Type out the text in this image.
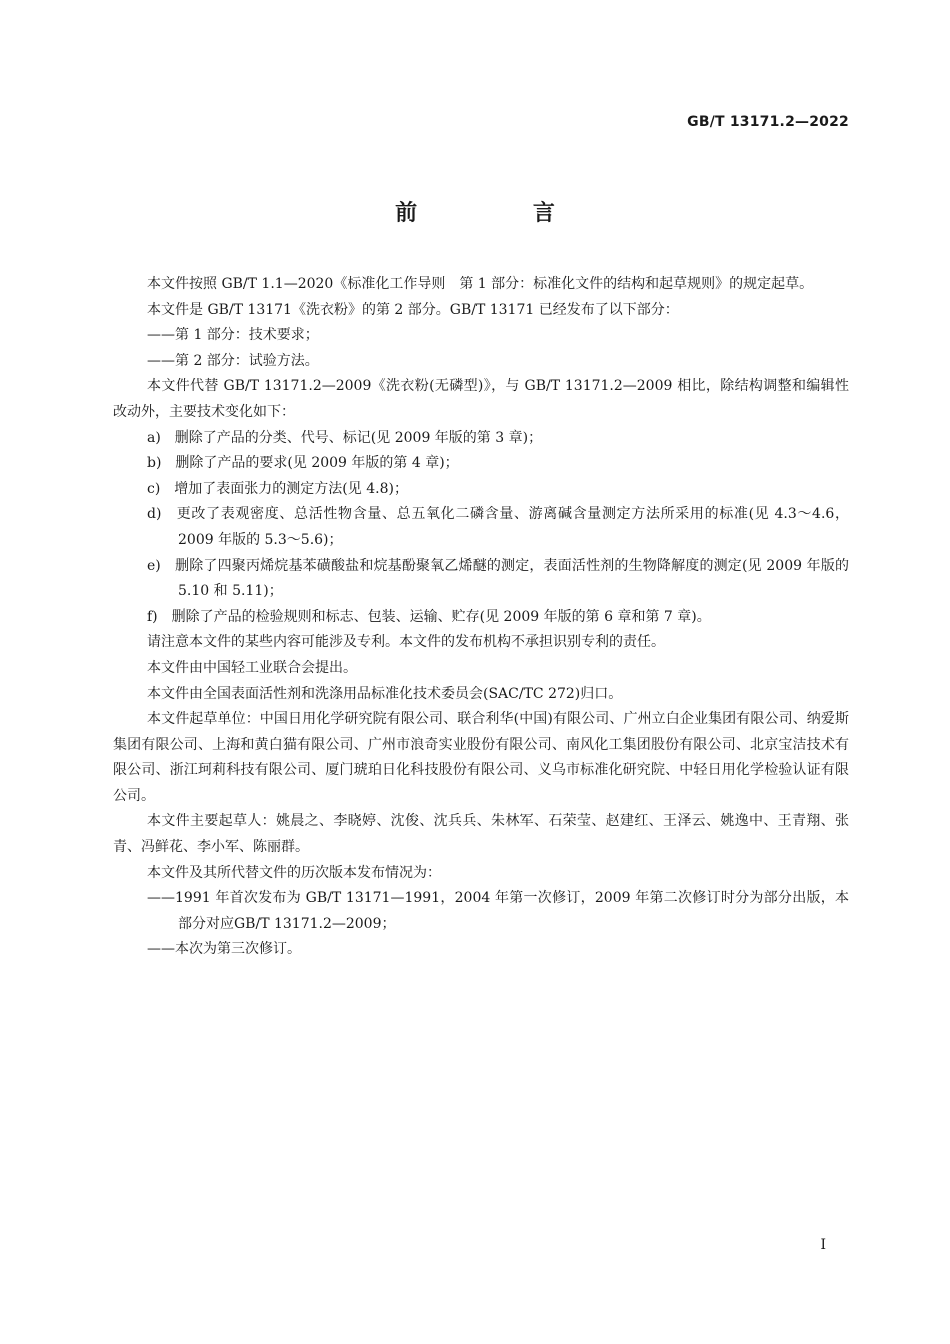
GB/T 13171.2—2022
前 言

本文件按照 GB/T 1.1—2020《标准化工作导则　第 1 部分：标准化文件的结构和起草规则》的规定起草。

本文件是 GB/T 13171《洗衣粉》的第 2 部分。GB/T 13171 已经发布了以下部分：

——第 1 部分：技术要求；

——第 2 部分：试验方法。

本文件代替 GB/T 13171.2—2009《洗衣粉(无磷型)》，与 GB/T 13171.2—2009 相比，除结构调整和编辑性改动外，主要技术变化如下：

a)　删除了产品的分类、代号、标记(见 2009 年版的第 3 章)；

b)　删除了产品的要求(见 2009 年版的第 4 章)；

c)　增加了表面张力的测定方法(见 4.8)；

d)　更改了表观密度、总活性物含量、总五氧化二磷含量、游离碱含量测定方法所采用的标准(见 4.3～4.6，2009 年版的 5.3～5.6)；

e)　删除了四聚丙烯烷基苯磺酸盐和烷基酚聚氧乙烯醚的测定，表面活性剂的生物降解度的测定(见 2009 年版的 5.10 和 5.11)；

f)　删除了产品的检验规则和标志、包装、运输、贮存(见 2009 年版的第 6 章和第 7 章)。

请注意本文件的某些内容可能涉及专利。本文件的发布机构不承担识别专利的责任。

本文件由中国轻工业联合会提出。

本文件由全国表面活性剂和洗涤用品标准化技术委员会(SAC/TC 272)归口。

本文件起草单位：中国日用化学研究院有限公司、联合利华(中国)有限公司、广州立白企业集团有限公司、纳爱斯集团有限公司、上海和黄白猫有限公司、广州市浪奇实业股份有限公司、南风化工集团股份有限公司、北京宝洁技术有限公司、浙江珂莉科技有限公司、厦门琥珀日化科技股份有限公司、义乌市标准化研究院、中轻日用化学检验认证有限公司。

本文件主要起草人：姚晨之、李晓婷、沈俊、沈兵兵、朱林军、石荣莹、赵建红、王泽云、姚逸中、王青翔、张青、冯鲜花、李小军、陈丽群。

本文件及其所代替文件的历次版本发布情况为：

——1991 年首次发布为 GB/T 13171—1991，2004 年第一次修订，2009 年第二次修订时分为部分出版，本部分对应GB/T 13171.2—2009；

——本次为第三次修订。

I
